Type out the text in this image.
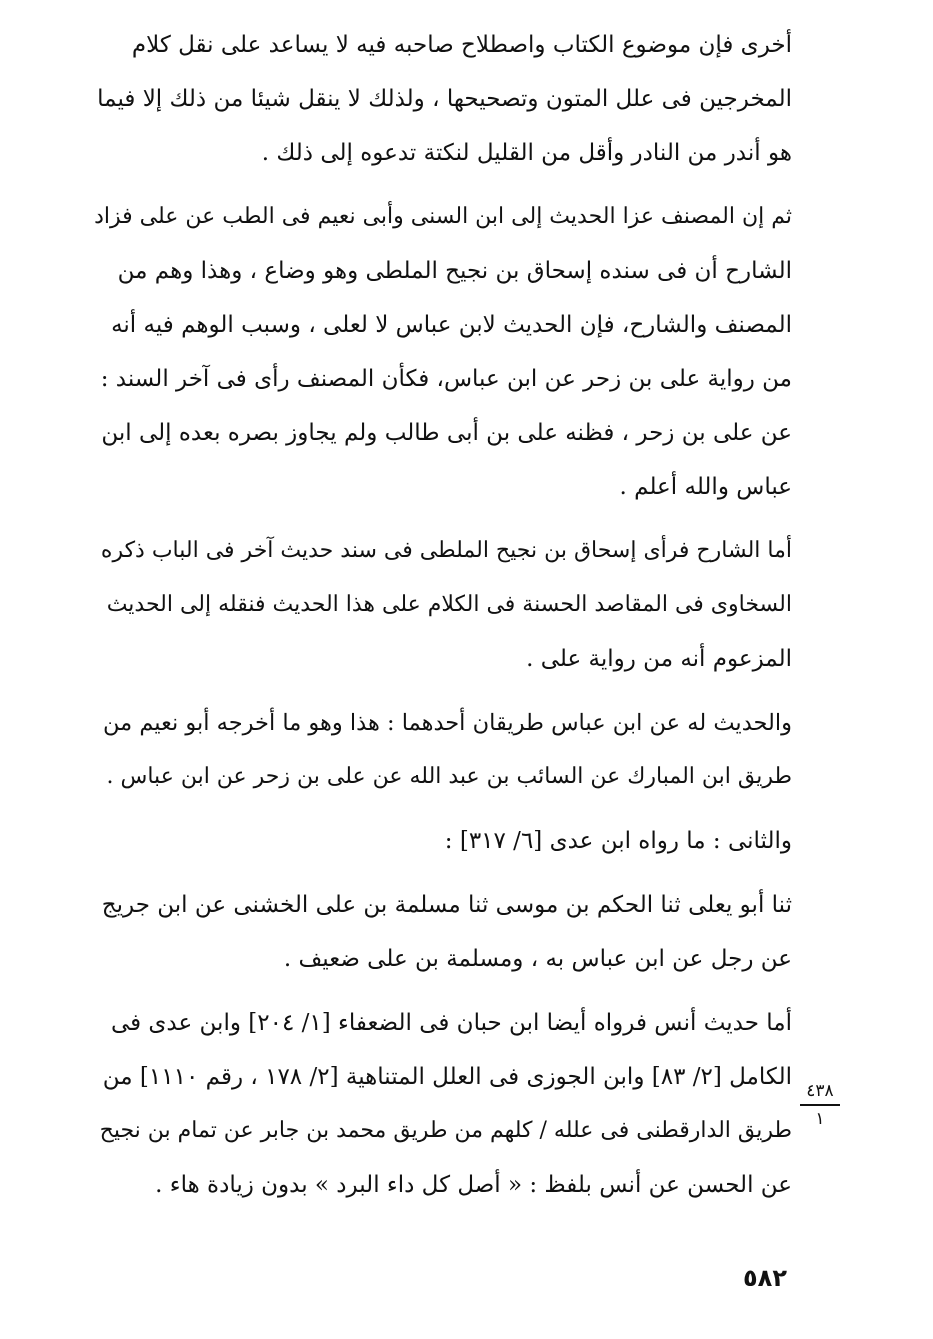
أخرى فإن موضوع الكتاب واصطلاح صاحبه فيه لا يساعد على نقل كلام
المخرجين فى علل المتون وتصحيحها ، ولذلك لا ينقل شيئا من ذلك إلا فيما
هو أندر من النادر وأقل من القليل لنكتة تدعوه إلى ذلك .

ثم إن المصنف عزا الحديث إلى ابن السنى وأبى نعيم فى الطب عن على فزاد
الشارح أن فى سنده إسحاق بن نجيح الملطى وهو وضاع ، وهذا وهم من
المصنف والشارح، فإن الحديث لابن عباس لا لعلى ، وسبب الوهم فيه أنه
من رواية على بن زحر عن ابن عباس، فكأن المصنف رأى فى آخر السند :
عن على بن زحر ، فظنه على بن أبى طالب ولم يجاوز بصره بعده إلى ابن
عباس والله أعلم .

أما الشارح فرأى إسحاق بن نجيح الملطى فى سند حديث آخر فى الباب ذكره
السخاوى فى المقاصد الحسنة فى الكلام على هذا الحديث فنقله إلى الحديث
المزعوم أنه من رواية على .

والحديث له عن ابن عباس طريقان أحدهما : هذا وهو ما أخرجه أبو نعيم من
طريق ابن المبارك عن السائب بن عبد الله عن على بن زحر عن ابن عباس .

والثانى : ما رواه ابن عدى [٦/ ٣١٧] :

ثنا أبو يعلى ثنا الحكم بن موسى ثنا مسلمة بن على الخشنى عن ابن جريج
عن رجل عن ابن عباس به ، ومسلمة بن على ضعيف .

أما حديث أنس فرواه أيضا ابن حبان فى الضعفاء [١/ ٢٠٤] وابن عدى فى
الكامل [٢/ ٨٣] وابن الجوزى فى العلل المتناهية [٢/ ١٧٨ ، رقم ١١١٠] من
طريق الدارقطنى فى علله / كلهم من طريق محمد بن جابر عن تمام بن نجيح
عن الحسن عن أنس بلفظ : « أصل كل داء البرد » بدون زيادة هاء .

٤٣٨
١
٥٨٢
